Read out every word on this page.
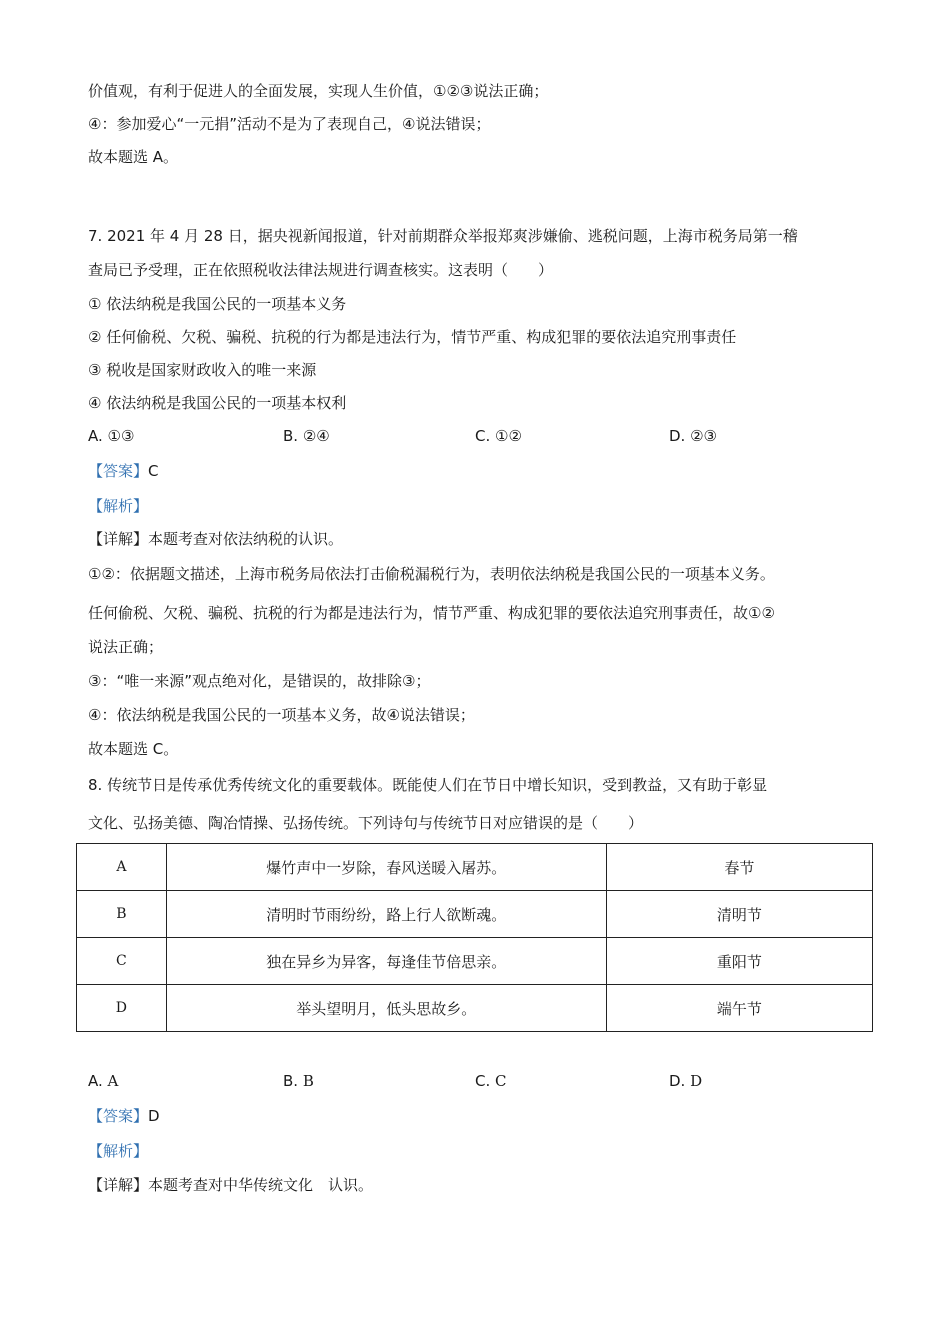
价值观，有利于促进人的全面发展，实现人生价值，①②③说法正确；
④：参加爱心“一元捐”活动不是为了表现自己，④说法错误；
故本题选 A。
7. 2021 年 4 月 28 日，据央视新闻报道，针对前期群众举报郑爽涉嫌偷、逃税问题，上海市税务局第一稽
查局已予受理，正在依照税收法律法规进行调查核实。这表明（　　）
① 依法纳税是我国公民的一项基本义务
② 任何偷税、欠税、骗税、抗税的行为都是违法行为，情节严重、构成犯罪的要依法追究刑事责任
③ 税收是国家财政收入的唯一来源
④ 依法纳税是我国公民的一项基本权利
A. ①③	B. ②④	C. ①②	D. ②③
【答案】C
【解析】
【详解】本题考查对依法纳税的认识。
①②：依据题文描述，上海市税务局依法打击偷税漏税行为，表明依法纳税是我国公民的一项基本义务。
任何偷税、欠税、骗税、抗税的行为都是违法行为，情节严重、构成犯罪的要依法追究刑事责任，故①②
说法正确；
③：“唯一来源”观点绝对化，是错误的，故排除③；
④：依法纳税是我国公民的一项基本义务，故④说法错误；
故本题选 C。
8. 传统节日是传承优秀传统文化的重要载体。既能使人们在节日中增长知识，受到教益，又有助于彰显
文化、弘扬美德、陶冶情操、弘扬传统。下列诗句与传统节日对应错误的是（　　）
A	爆竹声中一岁除，春风送暖入屠苏。	春节
B	清明时节雨纷纷，路上行人欲断魂。	清明节
C	独在异乡为异客，每逢佳节倍思亲。	重阳节
D	举头望明月，低头思故乡。	端午节
A. A	B. B	C. C	D. D
【答案】D
【解析】
【详解】本题考查对中华传统文化　认识。
